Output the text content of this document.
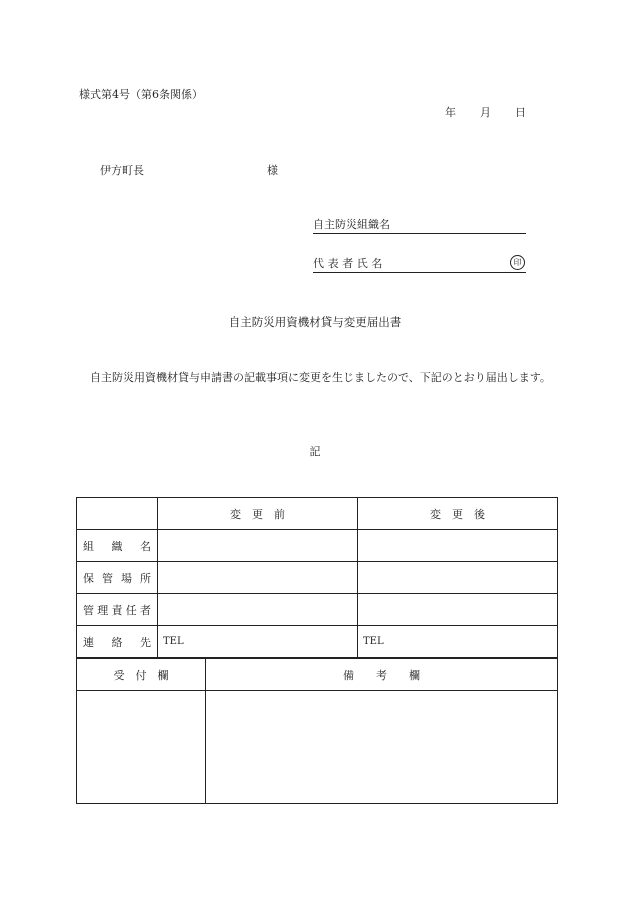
様式第4号（第6条関係）
年 月 日
伊方町長	様
自主防災組織名
代表者氏名	印
自主防災用資機材貸与変更届出書
自主防災用資機材貸与申請書の記載事項に変更を生じましたので、下記のとおり届出します。
記
	変　更　前	変　更　後
組織名		
保管場所		
管理責任者		
連絡先	TEL	TEL
受　付　欄	備　　考　　欄
